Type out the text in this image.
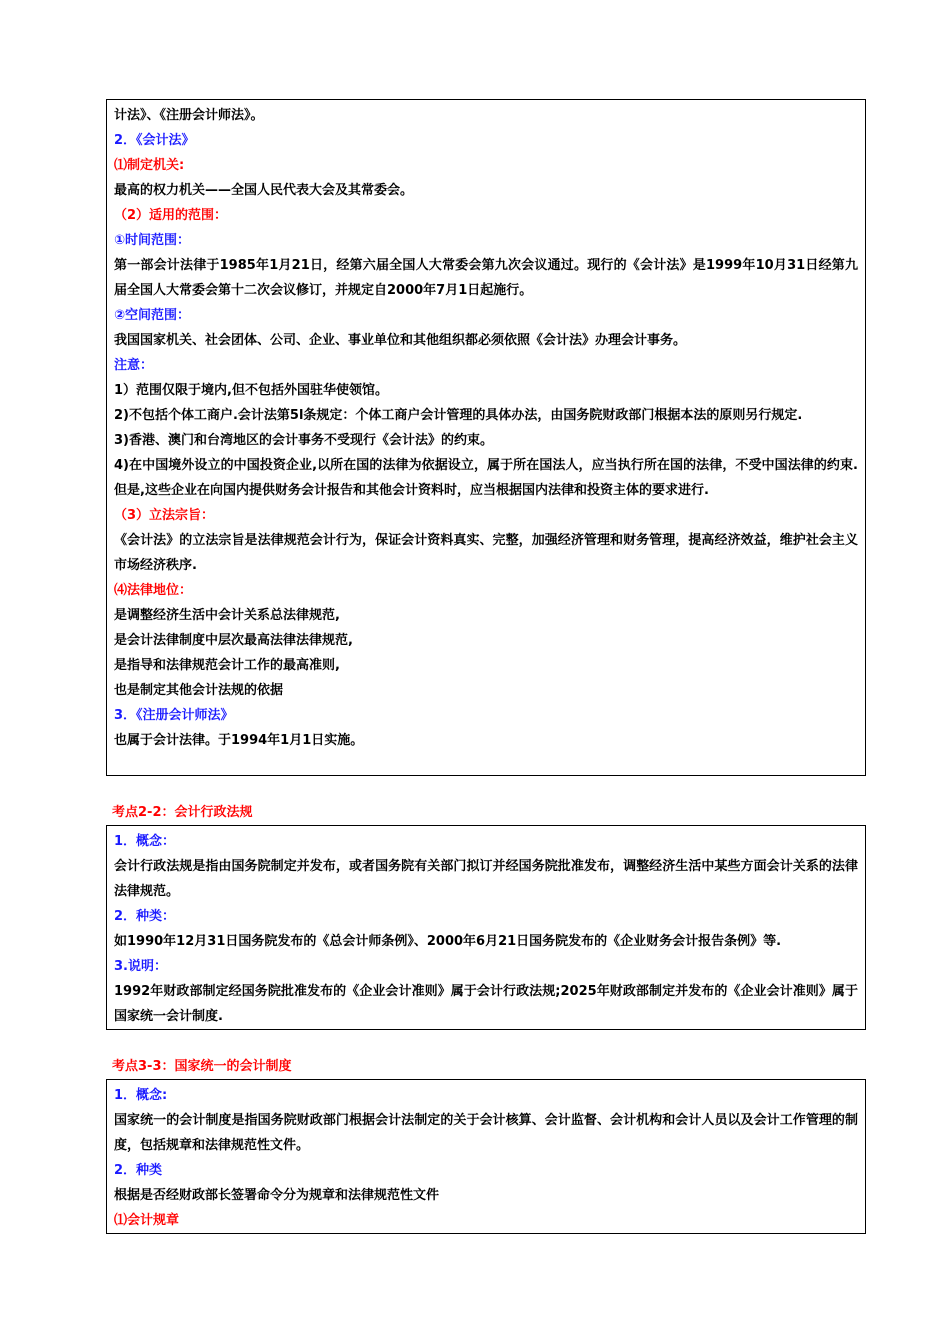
计法》、《注册会计师法》。
2．《会计法》
⑴制定机关:
最高的权力机关——全国人民代表大会及其常委会。
（2）适用的范围：
①时间范围：
第一部会计法律于1985年1月21日，经第六届全国人大常委会第九次会议通过。现行的《会计法》是1999年10月31日经第九届全国人大常委会第十二次会议修订，并规定自2000年7月1日起施行。
②空间范围：
我国国家机关、社会团体、公司、企业、事业单位和其他组织都必须依照《会计法》办理会计事务。
注意：
1）范围仅限于境内,但不包括外国驻华使领馆。
2)不包括个体工商户.会计法第5l条规定：个体工商户会计管理的具体办法，由国务院财政部门根据本法的原则另行规定.
3)香港、澳门和台湾地区的会计事务不受现行《会计法》的约束。
4)在中国境外设立的中国投资企业,以所在国的法律为依据设立，属于所在国法人，应当执行所在国的法律，不受中国法律的约束.但是,这些企业在向国内提供财务会计报告和其他会计资料时，应当根据国内法律和投资主体的要求进行.
（3）立法宗旨：
《会计法》的立法宗旨是法律规范会计行为，保证会计资料真实、完整，加强经济管理和财务管理，提高经济效益，维护社会主义市场经济秩序.
⑷法律地位：
是调整经济生活中会计关系总法律规范,
是会计法律制度中层次最高法律法律规范,
是指导和法律规范会计工作的最高准则,
也是制定其他会计法规的依据
3．《注册会计师法》
也属于会计法律。于1994年1月1日实施。
考点2-2：会计行政法规
1．概念：
会计行政法规是指由国务院制定并发布，或者国务院有关部门拟订并经国务院批准发布，调整经济生活中某些方面会计关系的法律法律规范。
2．种类：
如1990年12月31日国务院发布的《总会计师条例》、2000年6月21日国务院发布的《企业财务会计报告条例》等.
3.说明：
1992年财政部制定经国务院批准发布的《企业会计准则》属于会计行政法规;2025年财政部制定并发布的《企业会计准则》属于国家统一会计制度.
考点3-3：国家统一的会计制度
1．概念:
国家统一的会计制度是指国务院财政部门根据会计法制定的关于会计核算、会计监督、会计机构和会计人员以及会计工作管理的制度，包括规章和法律规范性文件。
2．种类
根据是否经财政部长签署命令分为规章和法律规范性文件
⑴会计规章
